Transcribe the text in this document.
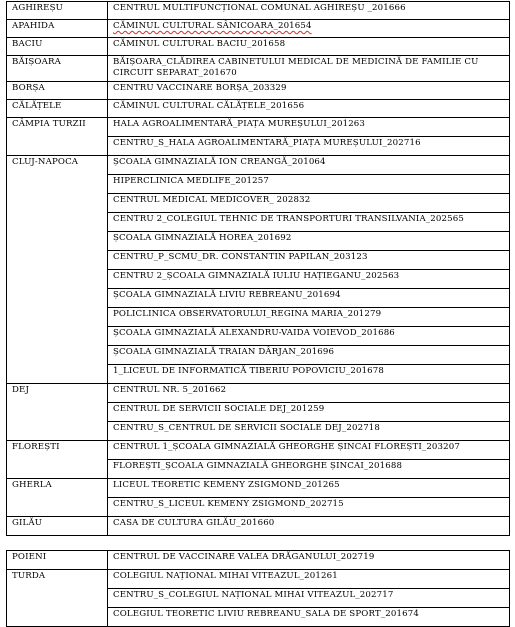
AGHIREȘU	CENTRUL MULTIFUNCȚIONAL COMUNAL AGHIREȘU _201666
APAHIDA	CĂMINUL CULTURAL SÂNICOARA_201654
BACIU	CĂMINUL CULTURAL BACIU_201658
BĂIȘOARA	BĂIȘOARA_CLĂDIREA CABINETULUI MEDICAL DE MEDICINĂ DE FAMILIE CU CIRCUIT SEPARAT_201670
BORȘA	CENTRU VACCINARE BORȘA_203329
CĂLĂȚELE	CĂMINUL CULTURAL CĂLĂȚELE_201656
CÂMPIA TURZII	HALA AGROALIMENTARĂ_PIAȚA MUREȘULUI_201263
	CENTRU_S_HALA AGROALIMENTARĂ_PIAȚA MUREȘULUI_202716
CLUJ-NAPOCA	ȘCOALA GIMNAZIALĂ ION CREANGĂ_201064
	HIPERCLINICA MEDLIFE_201257
	CENTRUL MEDICAL MEDICOVER_ 202832
	CENTRU 2_COLEGIUL TEHNIC DE TRANSPORTURI TRANSILVANIA_202565
	ȘCOALA GIMNAZIALĂ HOREA_201692
	CENTRU_P_SCMU_DR. CONSTANTIN PAPILAN_203123
	CENTRU 2_ȘCOALA GIMNAZIALĂ IULIU HAȚIEGANU_202563
	ȘCOALA GIMNAZIALĂ LIVIU REBREANU_201694
	POLICLINICA OBSERVATORULUI_REGINA MARIA_201279
	ȘCOALA GIMNAZIALĂ ALEXANDRU-VAIDA VOIEVOD_201686
	ȘCOALA GIMNAZIALĂ TRAIAN DÂRJAN_201696
	1_LICEUL DE INFORMATICĂ TIBERIU POPOVICIU_201678
DEJ	CENTRUL NR. 5_201662
	CENTRUL DE SERVICII SOCIALE DEJ_201259
	CENTRU_S_CENTRUL DE SERVICII SOCIALE DEJ_202718
FLOREȘTI	CENTRUL 1_ȘCOALA GIMNAZIALĂ GHEORGHE ȘINCAI FLOREȘTI_203207
	FLOREȘTI_ȘCOALA GIMNAZIALĂ GHEORGHE ȘINCAI_201688
GHERLA	LICEUL TEORETIC KEMENY ZSIGMOND_201265
	CENTRU_S_LICEUL KEMENY ZSIGMOND_202715
GILĂU	CASA DE CULTURA GILĂU_201660
POIENI	CENTRUL DE VACCINARE VALEA DRĂGANULUI_202719
TURDA	COLEGIUL NAȚIONAL MIHAI VITEAZUL_201261
	CENTRU_S_COLEGIUL NAȚIONAL MIHAI VITEAZUL_202717
	COLEGIUL TEORETIC LIVIU REBREANU_SALA DE SPORT_201674
